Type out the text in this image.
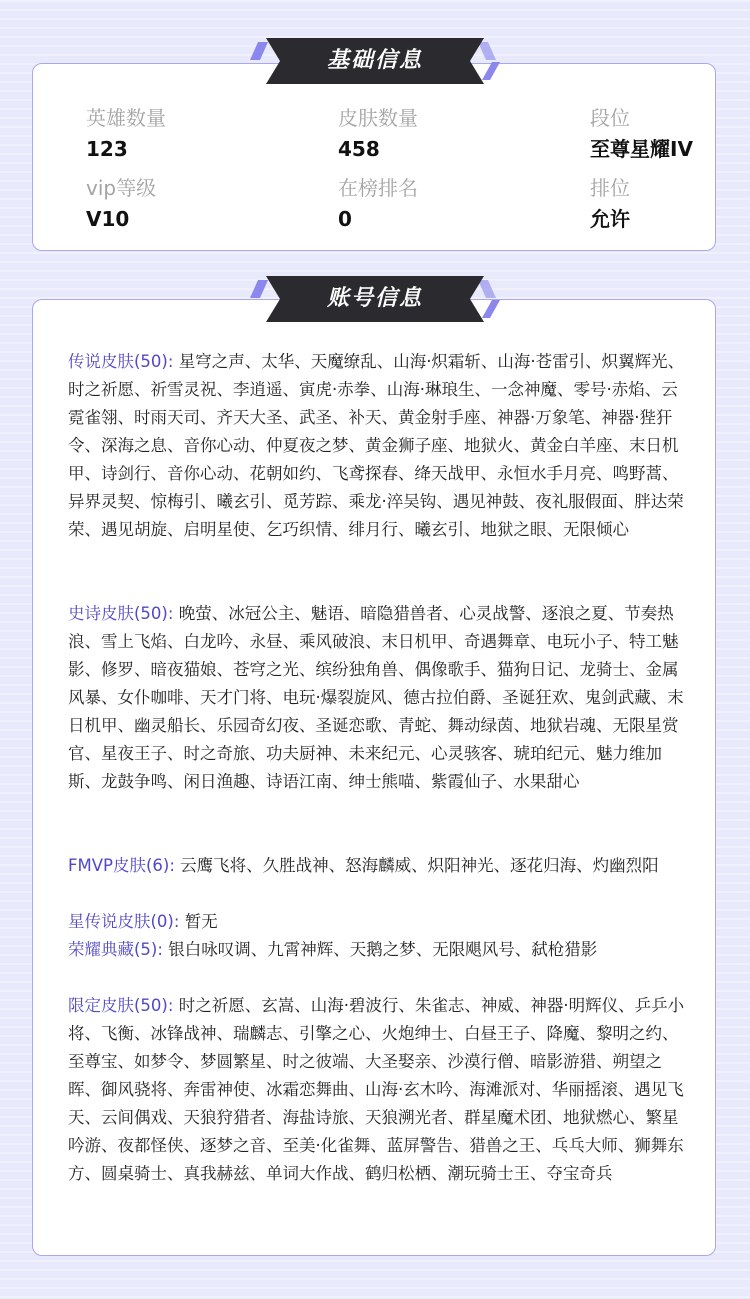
英雄数量
123
皮肤数量
458
段位
至尊星耀IV
vip等级
V10
在榜排名
0
排位
允许
基础信息
账号信息
传说皮肤(50): 星穹之声、太华、天魔缭乱、山海·炽霜斩、山海·苍雷引、炽翼辉光、时之祈愿、祈雪灵祝、李逍遥、寅虎·赤拳、山海·琳琅生、一念神魔、零号·赤焰、云霓雀翎、时雨天司、齐天大圣、武圣、补天、黄金射手座、神器·万象笔、神器·狴犴令、深海之息、音你心动、仲夏夜之梦、黄金狮子座、地狱火、黄金白羊座、末日机甲、诗剑行、音你心动、花朝如约、飞鸢探春、绛天战甲、永恒水手月亮、鸣野蒿、异界灵契、惊梅引、曦玄引、觅芳踪、乘龙·淬吴钩、遇见神鼓、夜礼服假面、胖达荣荣、遇见胡旋、启明星使、乞巧织情、绯月行、曦玄引、地狱之眼、无限倾心
史诗皮肤(50): 晚萤、冰冠公主、魅语、暗隐猎兽者、心灵战警、逐浪之夏、节奏热浪、雪上飞焰、白龙吟、永昼、乘风破浪、末日机甲、奇遇舞章、电玩小子、特工魅影、修罗、暗夜猫娘、苍穹之光、缤纷独角兽、偶像歌手、猫狗日记、龙骑士、金属风暴、女仆咖啡、天才门将、电玩·爆裂旋风、德古拉伯爵、圣诞狂欢、鬼剑武藏、末日机甲、幽灵船长、乐园奇幻夜、圣诞恋歌、青蛇、舞动绿茵、地狱岩魂、无限星赏官、星夜王子、时之奇旅、功夫厨神、未来纪元、心灵骇客、琥珀纪元、魅力维加斯、龙鼓争鸣、闲日渔趣、诗语江南、绅士熊喵、紫霞仙子、水果甜心
FMVP皮肤(6): 云鹰飞将、久胜战神、怒海麟威、炽阳神光、逐花归海、灼幽烈阳
星传说皮肤(0): 暂无
荣耀典藏(5): 银白咏叹调、九霄神辉、天鹅之梦、无限飓风号、弑枪猎影
限定皮肤(50): 时之祈愿、玄嵩、山海·碧波行、朱雀志、神威、神器·明辉仪、乒乒小将、飞衡、冰锋战神、瑞麟志、引擎之心、火炮绅士、白昼王子、降魔、黎明之约、至尊宝、如梦令、梦圆繁星、时之彼端、大圣娶亲、沙漠行僧、暗影游猎、朔望之晖、御风骁将、奔雷神使、冰霜恋舞曲、山海·玄木吟、海滩派对、华丽摇滚、遇见飞天、云间偶戏、天狼狩猎者、海盐诗旅、天狼溯光者、群星魔术团、地狱燃心、繁星吟游、夜都怪侠、逐梦之音、至美·化雀舞、蓝屏警告、猎兽之王、乓乓大师、狮舞东方、圆桌骑士、真我赫兹、单词大作战、鹤归松栖、潮玩骑士王、夺宝奇兵
